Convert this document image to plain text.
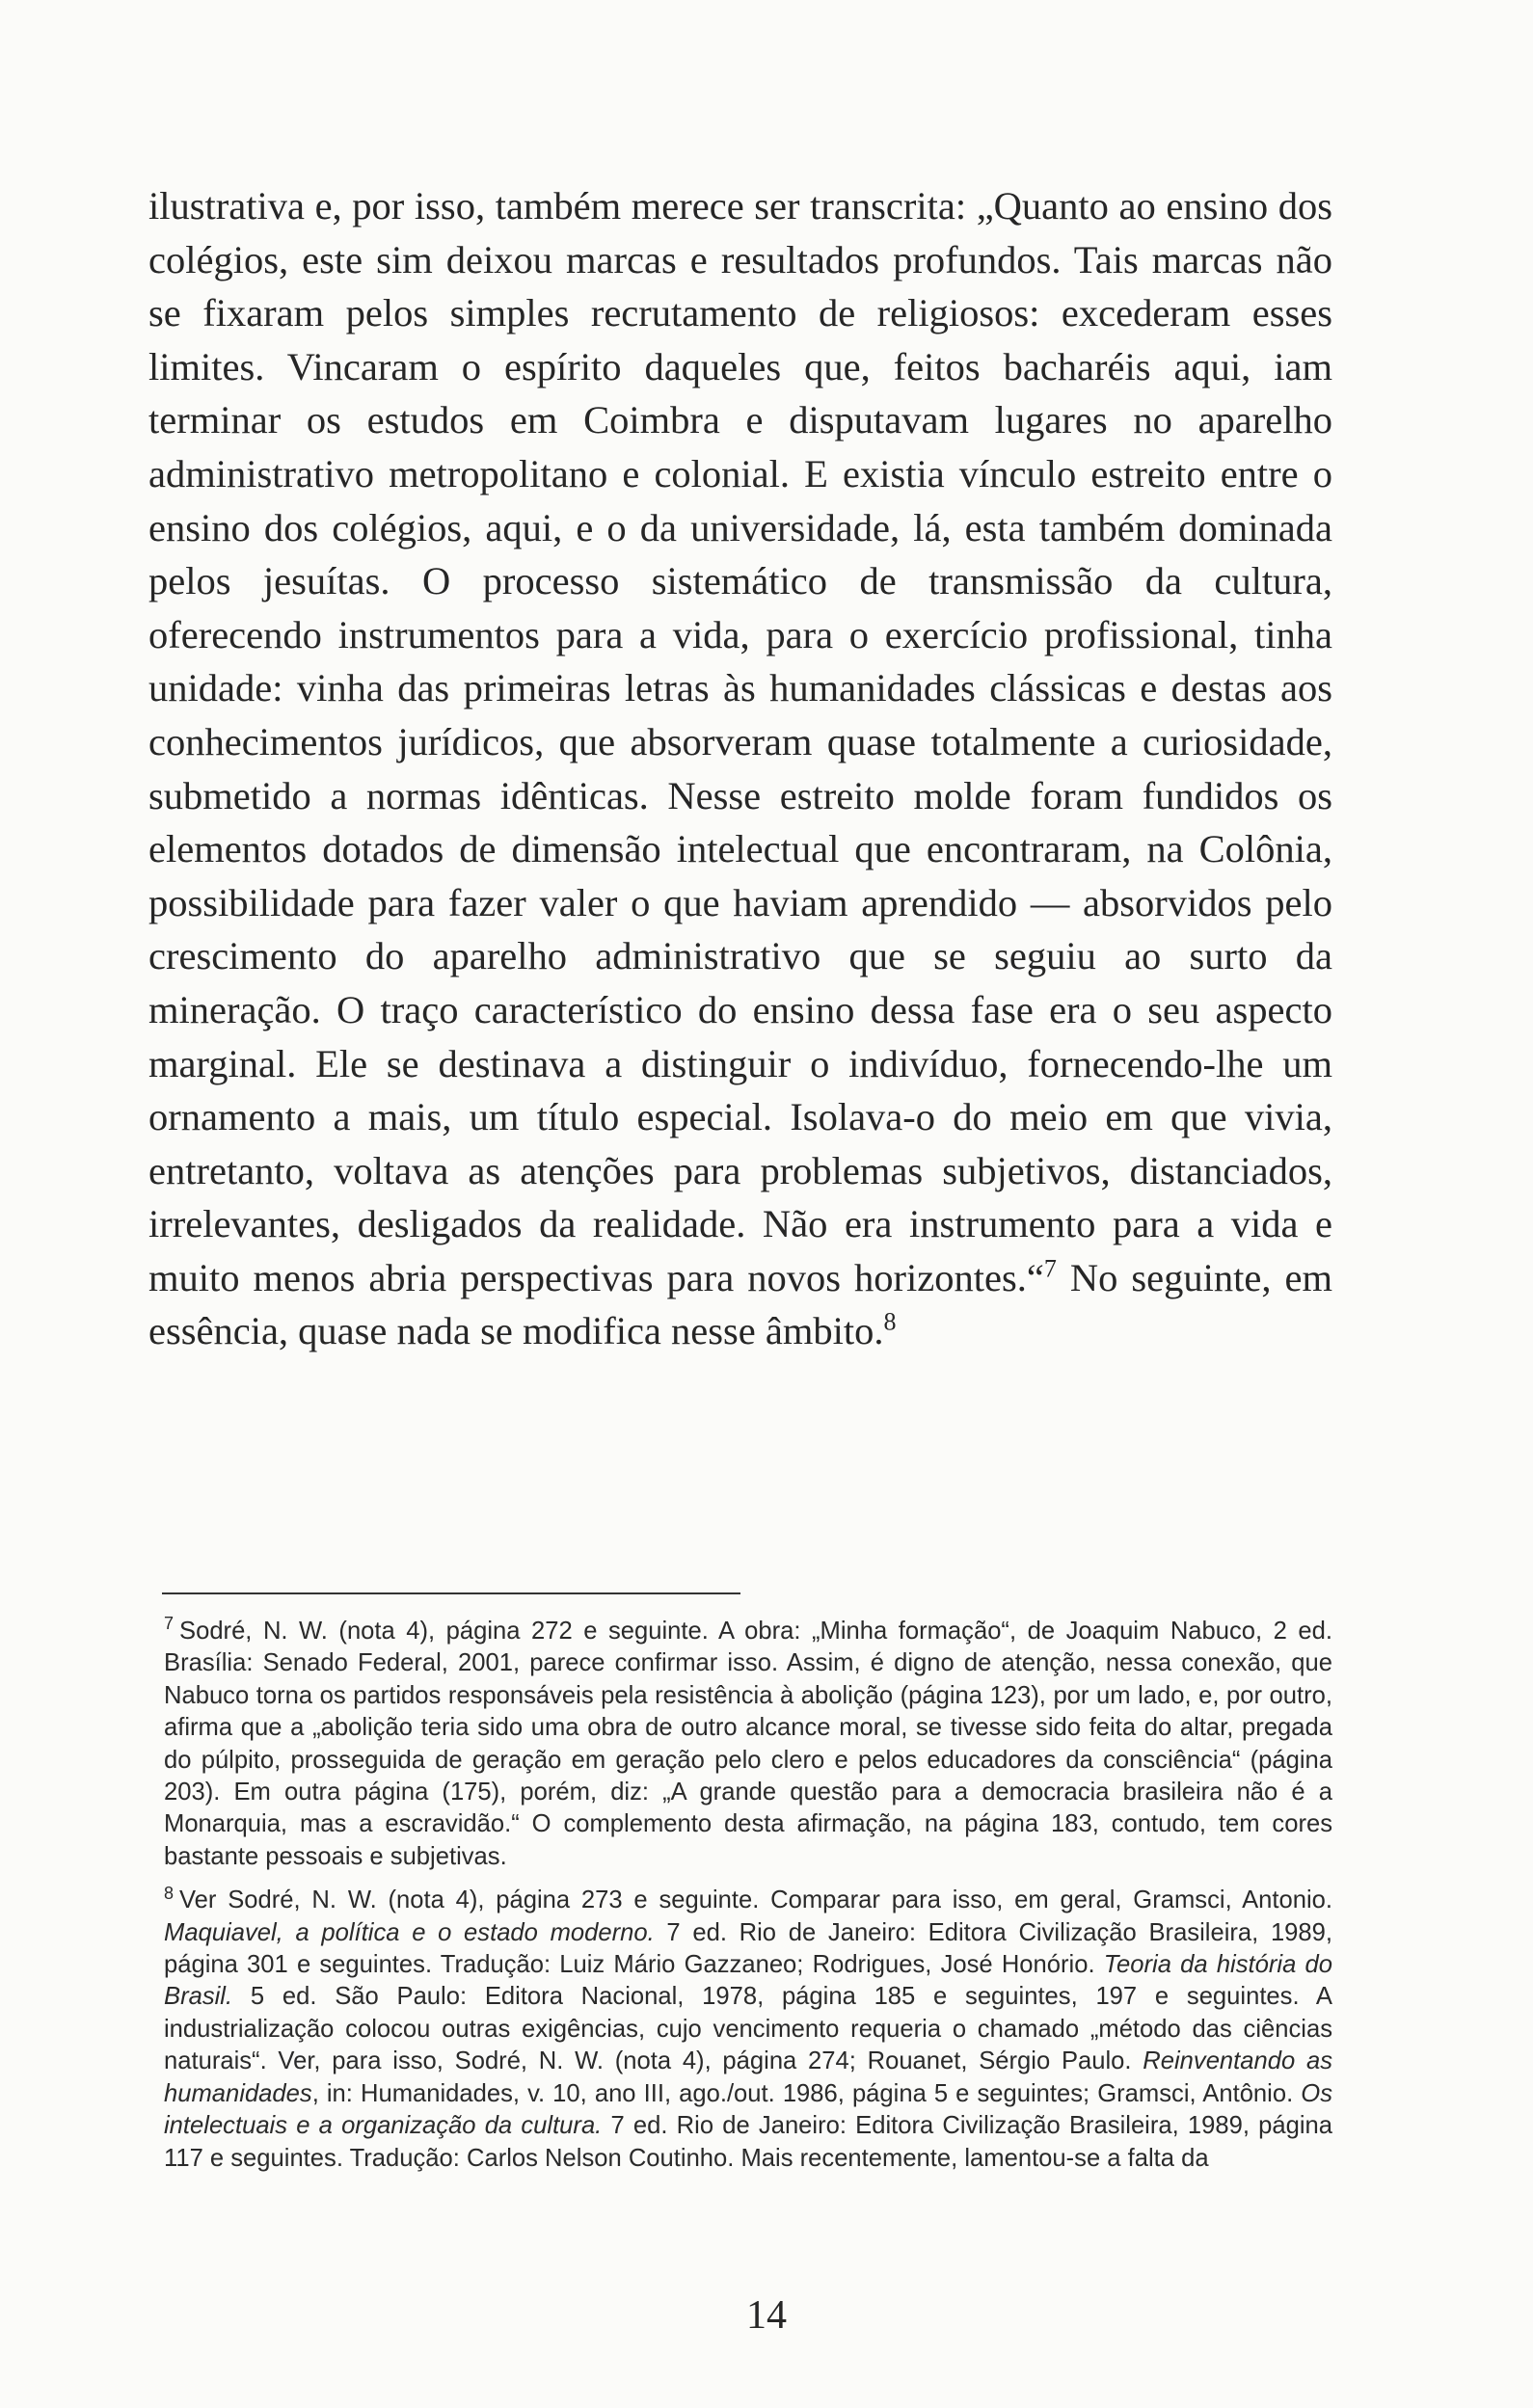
ilustrativa e, por isso, também merece ser transcrita: „Quanto ao ensino dos colégios, este sim deixou marcas e resultados profundos. Tais marcas não se fixaram pelos simples recrutamento de religiosos: excederam esses limites. Vincaram o espírito daqueles que, feitos bacharéis aqui, iam terminar os estudos em Coimbra e disputavam lugares no aparelho administrativo metropolitano e colonial. E existia vínculo estreito entre o ensino dos colégios, aqui, e o da universidade, lá, esta também dominada pelos jesuítas. O processo sistemático de transmissão da cultura, oferecendo instrumentos para a vida, para o exercício profissional, tinha unidade: vinha das primeiras letras às humanidades clássicas e destas aos conhecimentos jurídicos, que absorveram quase totalmente a curiosidade, submetido a normas idênticas. Nesse estreito molde foram fundidos os elementos dotados de dimensão intelectual que encontraram, na Colônia, possibilidade para fazer valer o que haviam aprendido — absorvidos pelo crescimento do aparelho administrativo que se seguiu ao surto da mineração. O traço característico do ensino dessa fase era o seu aspecto marginal. Ele se destinava a distinguir o indivíduo, fornecendo-lhe um ornamento a mais, um título especial. Isolava-o do meio em que vivia, entretanto, voltava as atenções para problemas subjetivos, distanciados, irrelevantes, desligados da realidade. Não era instrumento para a vida e muito menos abria perspectivas para novos horizontes.“$^7$ No seguinte, em essência, quase nada se modifica nesse âmbito.$^8$

$^7$ Sodré, N. W. (nota 4), página 272 e seguinte. A obra: „Minha formação“, de Joaquim Nabuco, 2 ed. Brasília: Senado Federal, 2001, parece confirmar isso. Assim, é digno de atenção, nessa conexão, que Nabuco torna os partidos responsáveis pela resistência à abolição (página 123), por um lado, e, por outro, afirma que a „abolição teria sido uma obra de outro alcance moral, se tivesse sido feita do altar, pregada do púlpito, prosseguida de geração em geração pelo clero e pelos educadores da consciência“ (página 203). Em outra página (175), porém, diz: „A grande questão para a democracia brasileira não é a Monarquia, mas a escravidão.“ O complemento desta afirmação, na página 183, contudo, tem cores bastante pessoais e subjetivas.

$^8$ Ver Sodré, N. W. (nota 4), página 273 e seguinte. Comparar para isso, em geral, Gramsci, Antonio. Maquiavel, a política e o estado moderno. 7 ed. Rio de Janeiro: Editora Civilização Brasileira, 1989, página 301 e seguintes. Tradução: Luiz Mário Gazzaneo; Rodrigues, José Honório. Teoria da história do Brasil. 5 ed. São Paulo: Editora Nacional, 1978, página 185 e seguintes, 197 e seguintes. A industrialização colocou outras exigências, cujo vencimento requeria o chamado „método das ciências naturais“. Ver, para isso, Sodré, N. W. (nota 4), página 274; Rouanet, Sérgio Paulo. Reinventando as humanidades, in: Humanidades, v. 10, ano III, ago./out. 1986, página 5 e seguintes; Gramsci, Antônio. Os intelectuais e a organização da cultura. 7 ed. Rio de Janeiro: Editora Civilização Brasileira, 1989, página 117 e seguintes. Tradução: Carlos Nelson Coutinho. Mais recentemente, lamentou-se a falta da

14
